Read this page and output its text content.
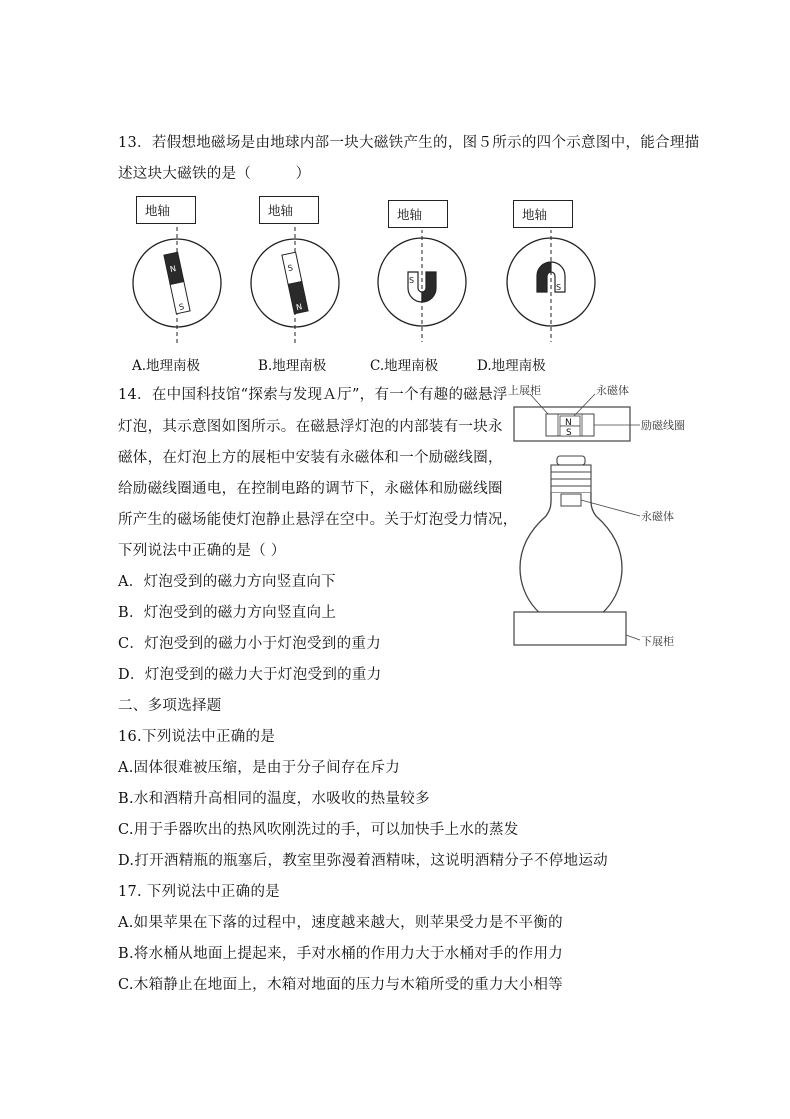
13．若假想地磁场是由地球内部一块大磁铁产生的，图５所示的四个示意图中，能合理描
述这块大磁铁的是（　　　）
地轴
N
S
地轴
S
N
地轴
S
地轴
S
A.地理南极	B.地理南极	C.地理南极	D.地理南极
14．在中国科技馆“探索与发现Ａ厅”，有一个有趣的磁悬浮
灯泡，其示意图如图所示。在磁悬浮灯泡的内部装有一块永
磁体，在灯泡上方的展柜中安装有永磁体和一个励磁线圈，
给励磁线圈通电，在控制电路的调节下，永磁体和励磁线圈
所产生的磁场能使灯泡静止悬浮在空中。关于灯泡受力情况，
下列说法中正确的是（ ）
A．灯泡受到的磁力方向竖直向下
B．灯泡受到的磁力方向竖直向上
C．灯泡受到的磁力小于灯泡受到的重力
D．灯泡受到的磁力大于灯泡受到的重力
N
S
上展柜	永磁体
励磁线圈
永磁体
下展柜
二、多项选择题
16.下列说法中正确的是
A.固体很难被压缩，是由于分子间存在斥力
B.水和酒精升高相同的温度，水吸收的热量较多
C.用于手器吹出的热风吹刚洗过的手，可以加快手上水的蒸发
D.打开酒精瓶的瓶塞后，教室里弥漫着酒精味，这说明酒精分子不停地运动
17. 下列说法中正确的是
A.如果苹果在下落的过程中，速度越来越大，则苹果受力是不平衡的
B.将水桶从地面上提起来，手对水桶的作用力大于水桶对手的作用力
C.木箱静止在地面上，木箱对地面的压力与木箱所受的重力大小相等
